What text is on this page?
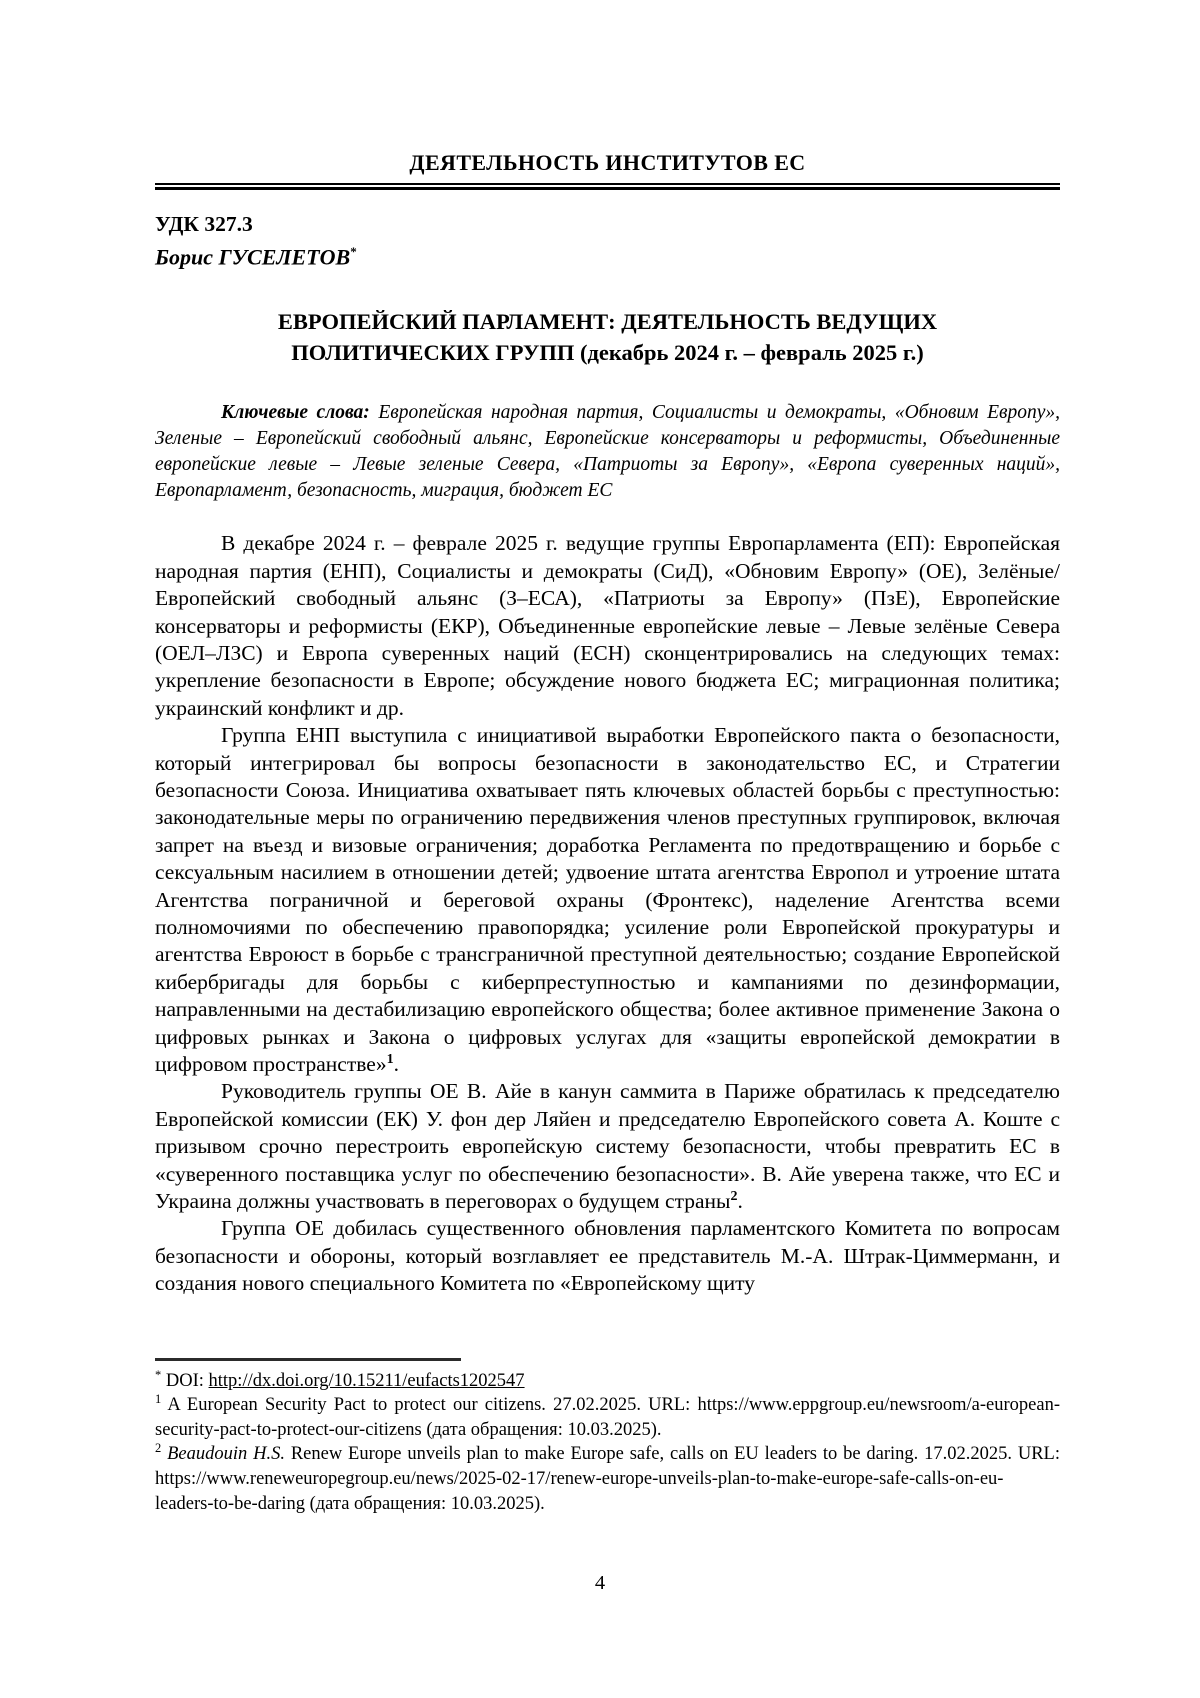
ДЕЯТЕЛЬНОСТЬ ИНСТИТУТОВ ЕС
УДК 327.3
Борис ГУСЕЛЕТОВ*
ЕВРОПЕЙСКИЙ ПАРЛАМЕНТ: ДЕЯТЕЛЬНОСТЬ ВЕДУЩИХ
ПОЛИТИЧЕСКИХ ГРУПП (декабрь 2024 г. – февраль 2025 г.)

Ключевые слова: Европейская народная партия, Социалисты и демократы, «Обновим Европу», Зеленые – Европейский свободный альянс, Европейские консерваторы и реформисты, Объединенные европейские левые – Левые зеленые Севера, «Патриоты за Европу», «Европа суверенных наций», Европарламент, безопасность, миграция, бюджет ЕС

В декабре 2024 г. – феврале 2025 г. ведущие группы Европарламента (ЕП): Европейская народная партия (ЕНП), Социалисты и демократы (СиД), «Обновим Европу» (ОЕ), Зелёные/Европейский свободный альянс (З–ЕСА), «Патриоты за Европу» (ПзЕ), Европейские консерваторы и реформисты (ЕКР), Объединенные европейские левые – Левые зелёные Севера (ОЕЛ–ЛЗС) и Европа суверенных наций (ЕСН) сконцентрировались на следующих темах: укрепление безопасности в Европе; обсуждение нового бюджета ЕС; миграционная политика; украинский конфликт и др.

Группа ЕНП выступила с инициативой выработки Европейского пакта о безопасности, который интегрировал бы вопросы безопасности в законодательство ЕС, и Стратегии безопасности Союза. Инициатива охватывает пять ключевых областей борьбы с преступностью: законодательные меры по ограничению передвижения членов преступных группировок, включая запрет на въезд и визовые ограничения; доработка Регламента по предотвращению и борьбе с сексуальным насилием в отношении детей; удвоение штата агентства Европол и утроение штата Агентства пограничной и береговой охраны (Фронтекс), наделение Агентства всеми полномочиями по обеспечению правопорядка; усиление роли Европейской прокуратуры и агентства Евроюст в борьбе с трансграничной преступной деятельностью; создание Европейской кибербригады для борьбы с киберпреступностью и кампаниями по дезинформации, направленными на дестабилизацию европейского общества; более активное применение Закона о цифровых рынках и Закона о цифровых услугах для «защиты европейской демократии в цифровом пространстве»$^1$.

Руководитель группы ОЕ В. Айе в канун саммита в Париже обратилась к председателю Европейской комиссии (ЕК) У. фон дер Ляйен и председателю Европейского совета А. Коште с призывом срочно перестроить европейскую систему безопасности, чтобы превратить ЕС в «суверенного поставщика услуг по обеспечению безопасности». В. Айе уверена также, что ЕС и Украина должны участвовать в переговорах о будущем страны$^2$.

Группа ОЕ добилась существенного обновления парламентского Комитета по вопросам безопасности и обороны, который возглавляет ее представитель М.-А. Штрак-Циммерманн, и создания нового специального Комитета по «Европейскому щиту

* DOI: http://dx.doi.org/10.15211/eufacts1202547

$^1$ A European Security Pact to protect our citizens. 27.02.2025. URL: https://www.eppgroup.eu/newsroom/a-european-security-pact-to-protect-our-citizens (дата обращения: 10.03.2025).

$^2$ Beaudouin H.S. Renew Europe unveils plan to make Europe safe, calls on EU leaders to be daring. 17.02.2025. URL: https://www.reneweuropegroup.eu/news/2025-02-17/renew-europe-unveils-plan-to-make-europe-safe-calls-on-eu-leaders-to-be-daring (дата обращения: 10.03.2025).

4
